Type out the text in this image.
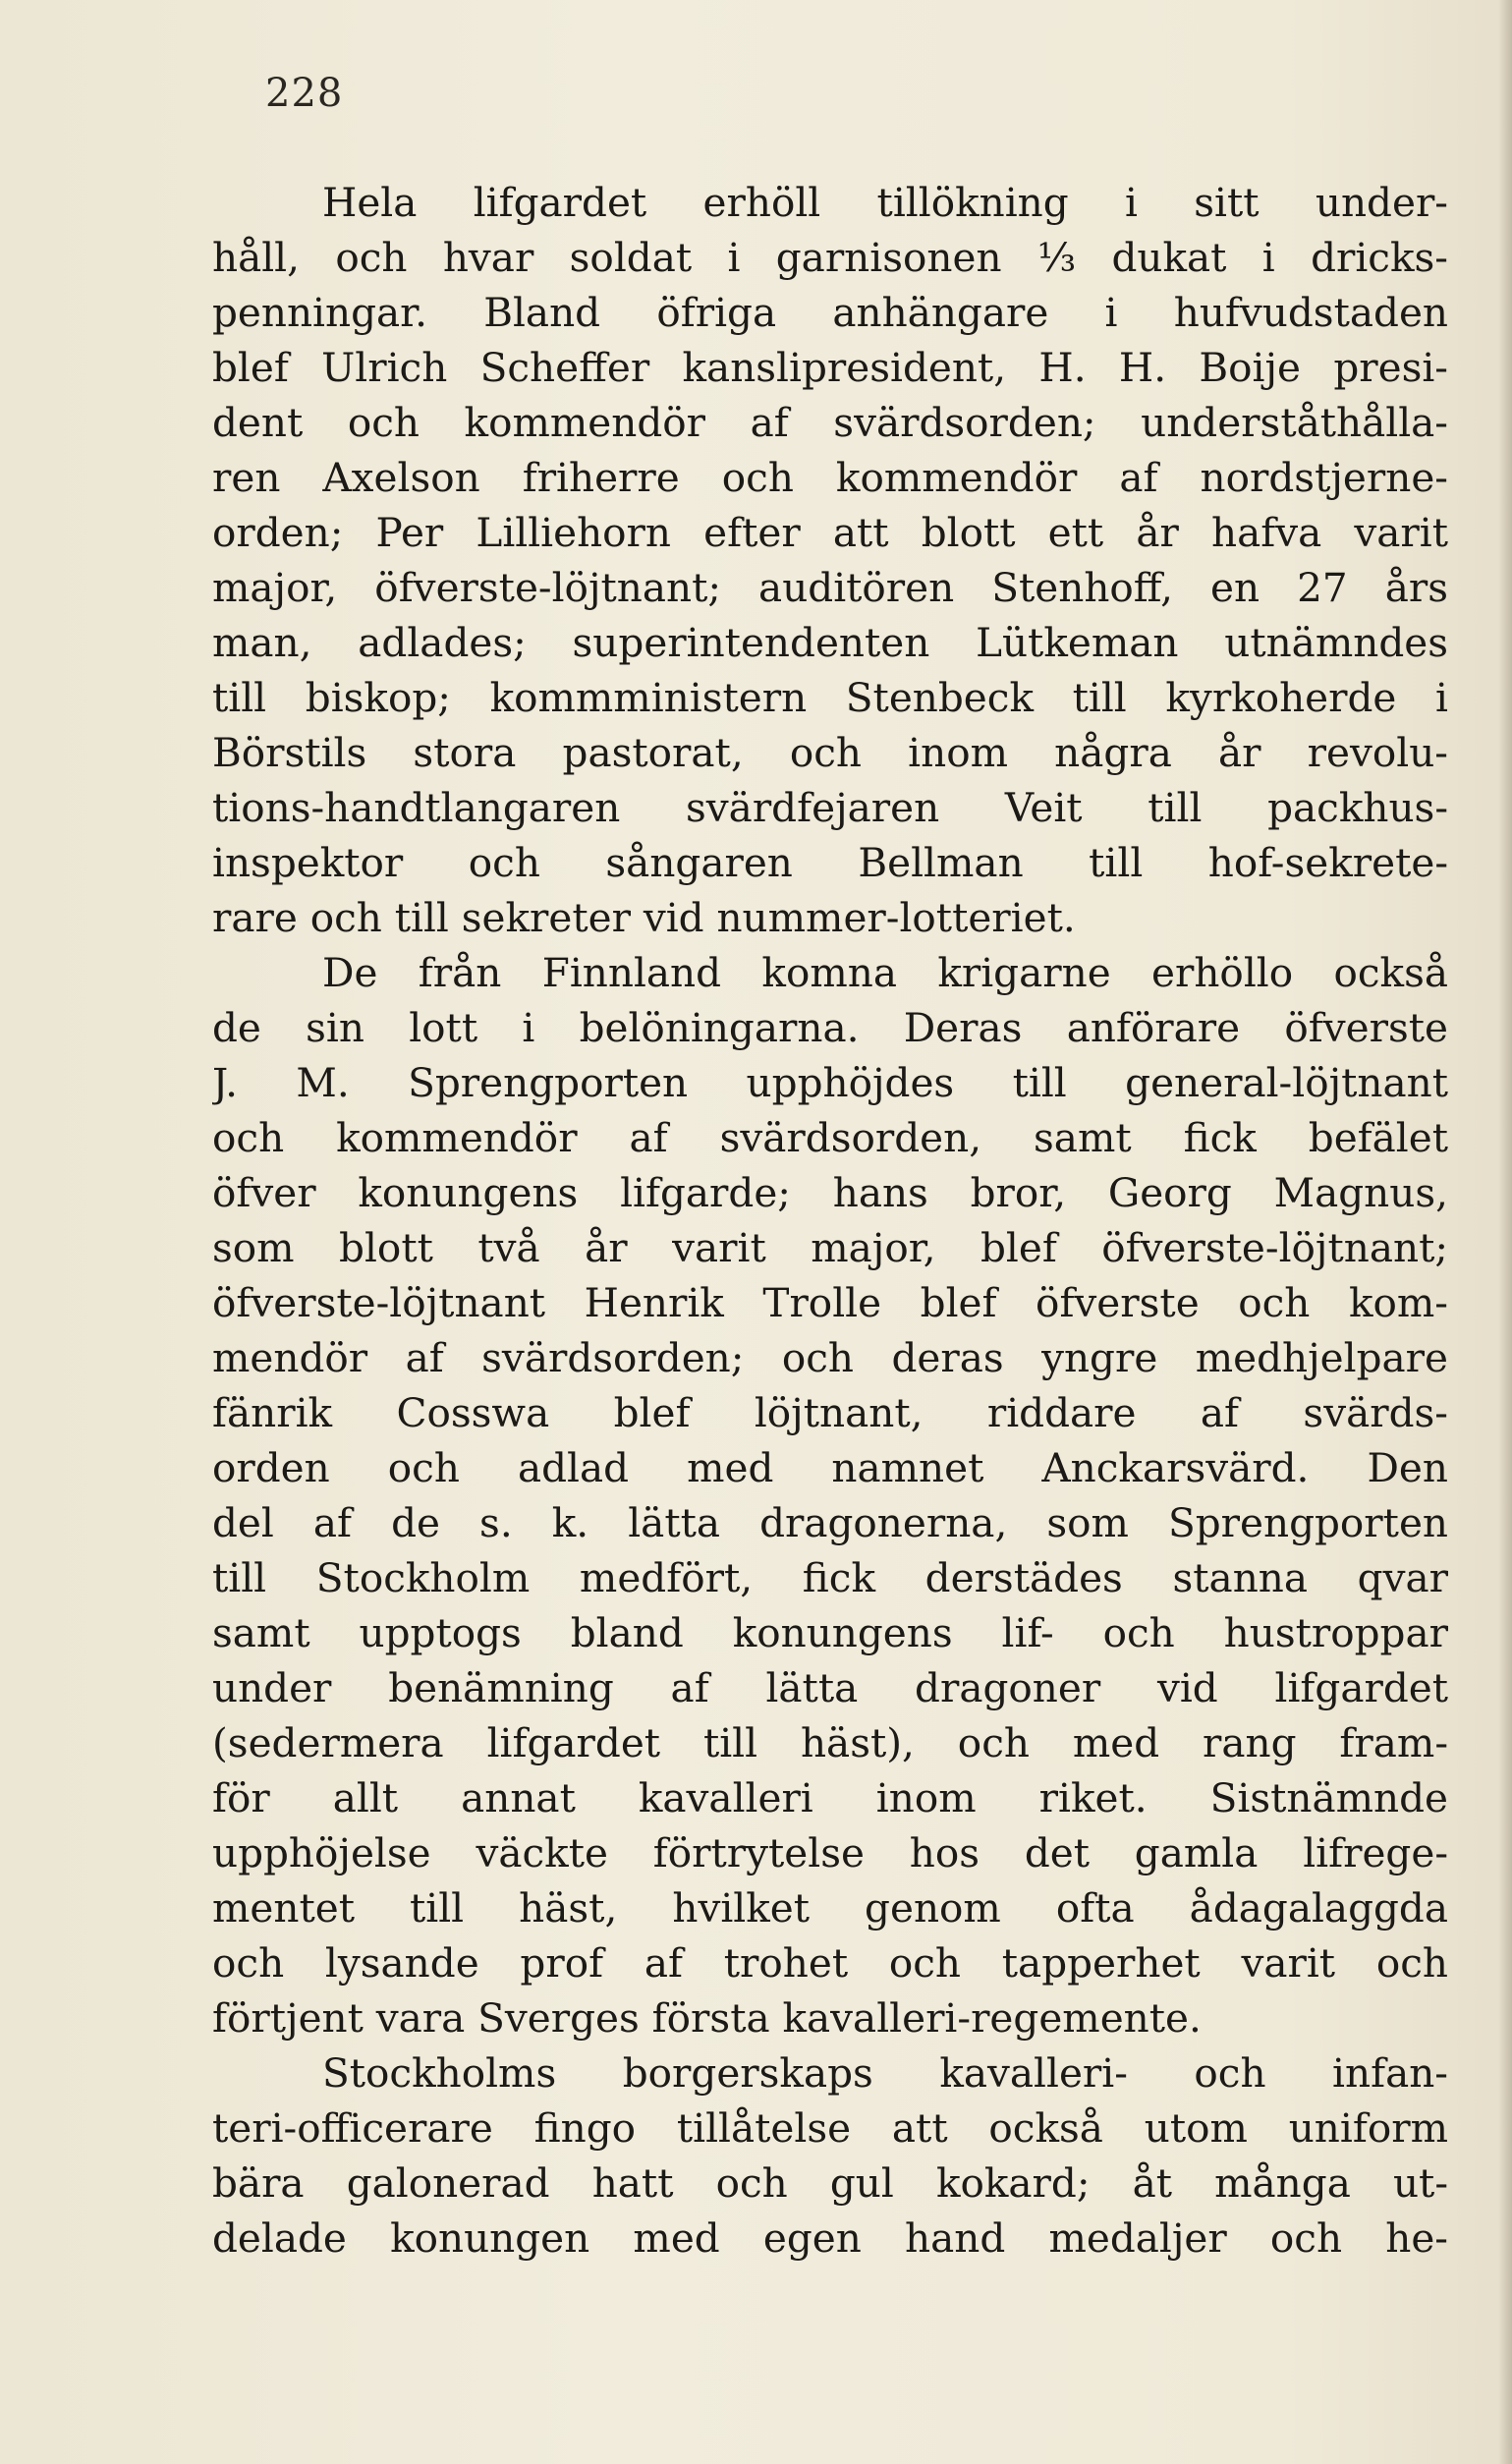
228
Hela lifgardet erhöll tillökning i sitt under-
håll, och hvar soldat i garnisonen ⅓ dukat i dricks-
penningar. Bland öfriga anhängare i hufvudstaden
blef Ulrich Scheffer kanslipresident, H. H. Boije presi-
dent och kommendör af svärdsorden; underståthålla-
ren Axelson friherre och kommendör af nordstjerne-
orden; Per Lilliehorn efter att blott ett år hafva varit
major, öfverste-löjtnant; auditören Stenhoff, en 27 års
man, adlades; superintendenten Lütkeman utnämndes
till biskop; kommministern Stenbeck till kyrkoherde i
Börstils stora pastorat, och inom några år revolu-
tions-handtlangaren svärdfejaren Veit till packhus-
inspektor och sångaren Bellman till hof-sekrete-
rare och till sekreter vid nummer-lotteriet.
De från Finnland komna krigarne erhöllo också
de sin lott i belöningarna. Deras anförare öfverste
J. M. Sprengporten upphöjdes till general-löjtnant
och kommendör af svärdsorden, samt fick befälet
öfver konungens lifgarde; hans bror, Georg Magnus,
som blott två år varit major, blef öfverste-löjtnant;
öfverste-löjtnant Henrik Trolle blef öfverste och kom-
mendör af svärdsorden; och deras yngre medhjelpare
fänrik Cosswa blef löjtnant, riddare af svärds-
orden och adlad med namnet Anckarsvärd. Den
del af de s. k. lätta dragonerna, som Sprengporten
till Stockholm medfört, fick derstädes stanna qvar
samt upptogs bland konungens lif- och hustroppar
under benämning af lätta dragoner vid lifgardet
(sedermera lifgardet till häst), och med rang fram-
för allt annat kavalleri inom riket. Sistnämnde
upphöjelse väckte förtrytelse hos det gamla lifrege-
mentet till häst, hvilket genom ofta ådagalaggda
och lysande prof af trohet och tapperhet varit och
förtjent vara Sverges första kavalleri-regemente.
Stockholms borgerskaps kavalleri- och infan-
teri-officerare fingo tillåtelse att också utom uniform
bära galonerad hatt och gul kokard; åt många ut-
delade konungen med egen hand medaljer och he-
